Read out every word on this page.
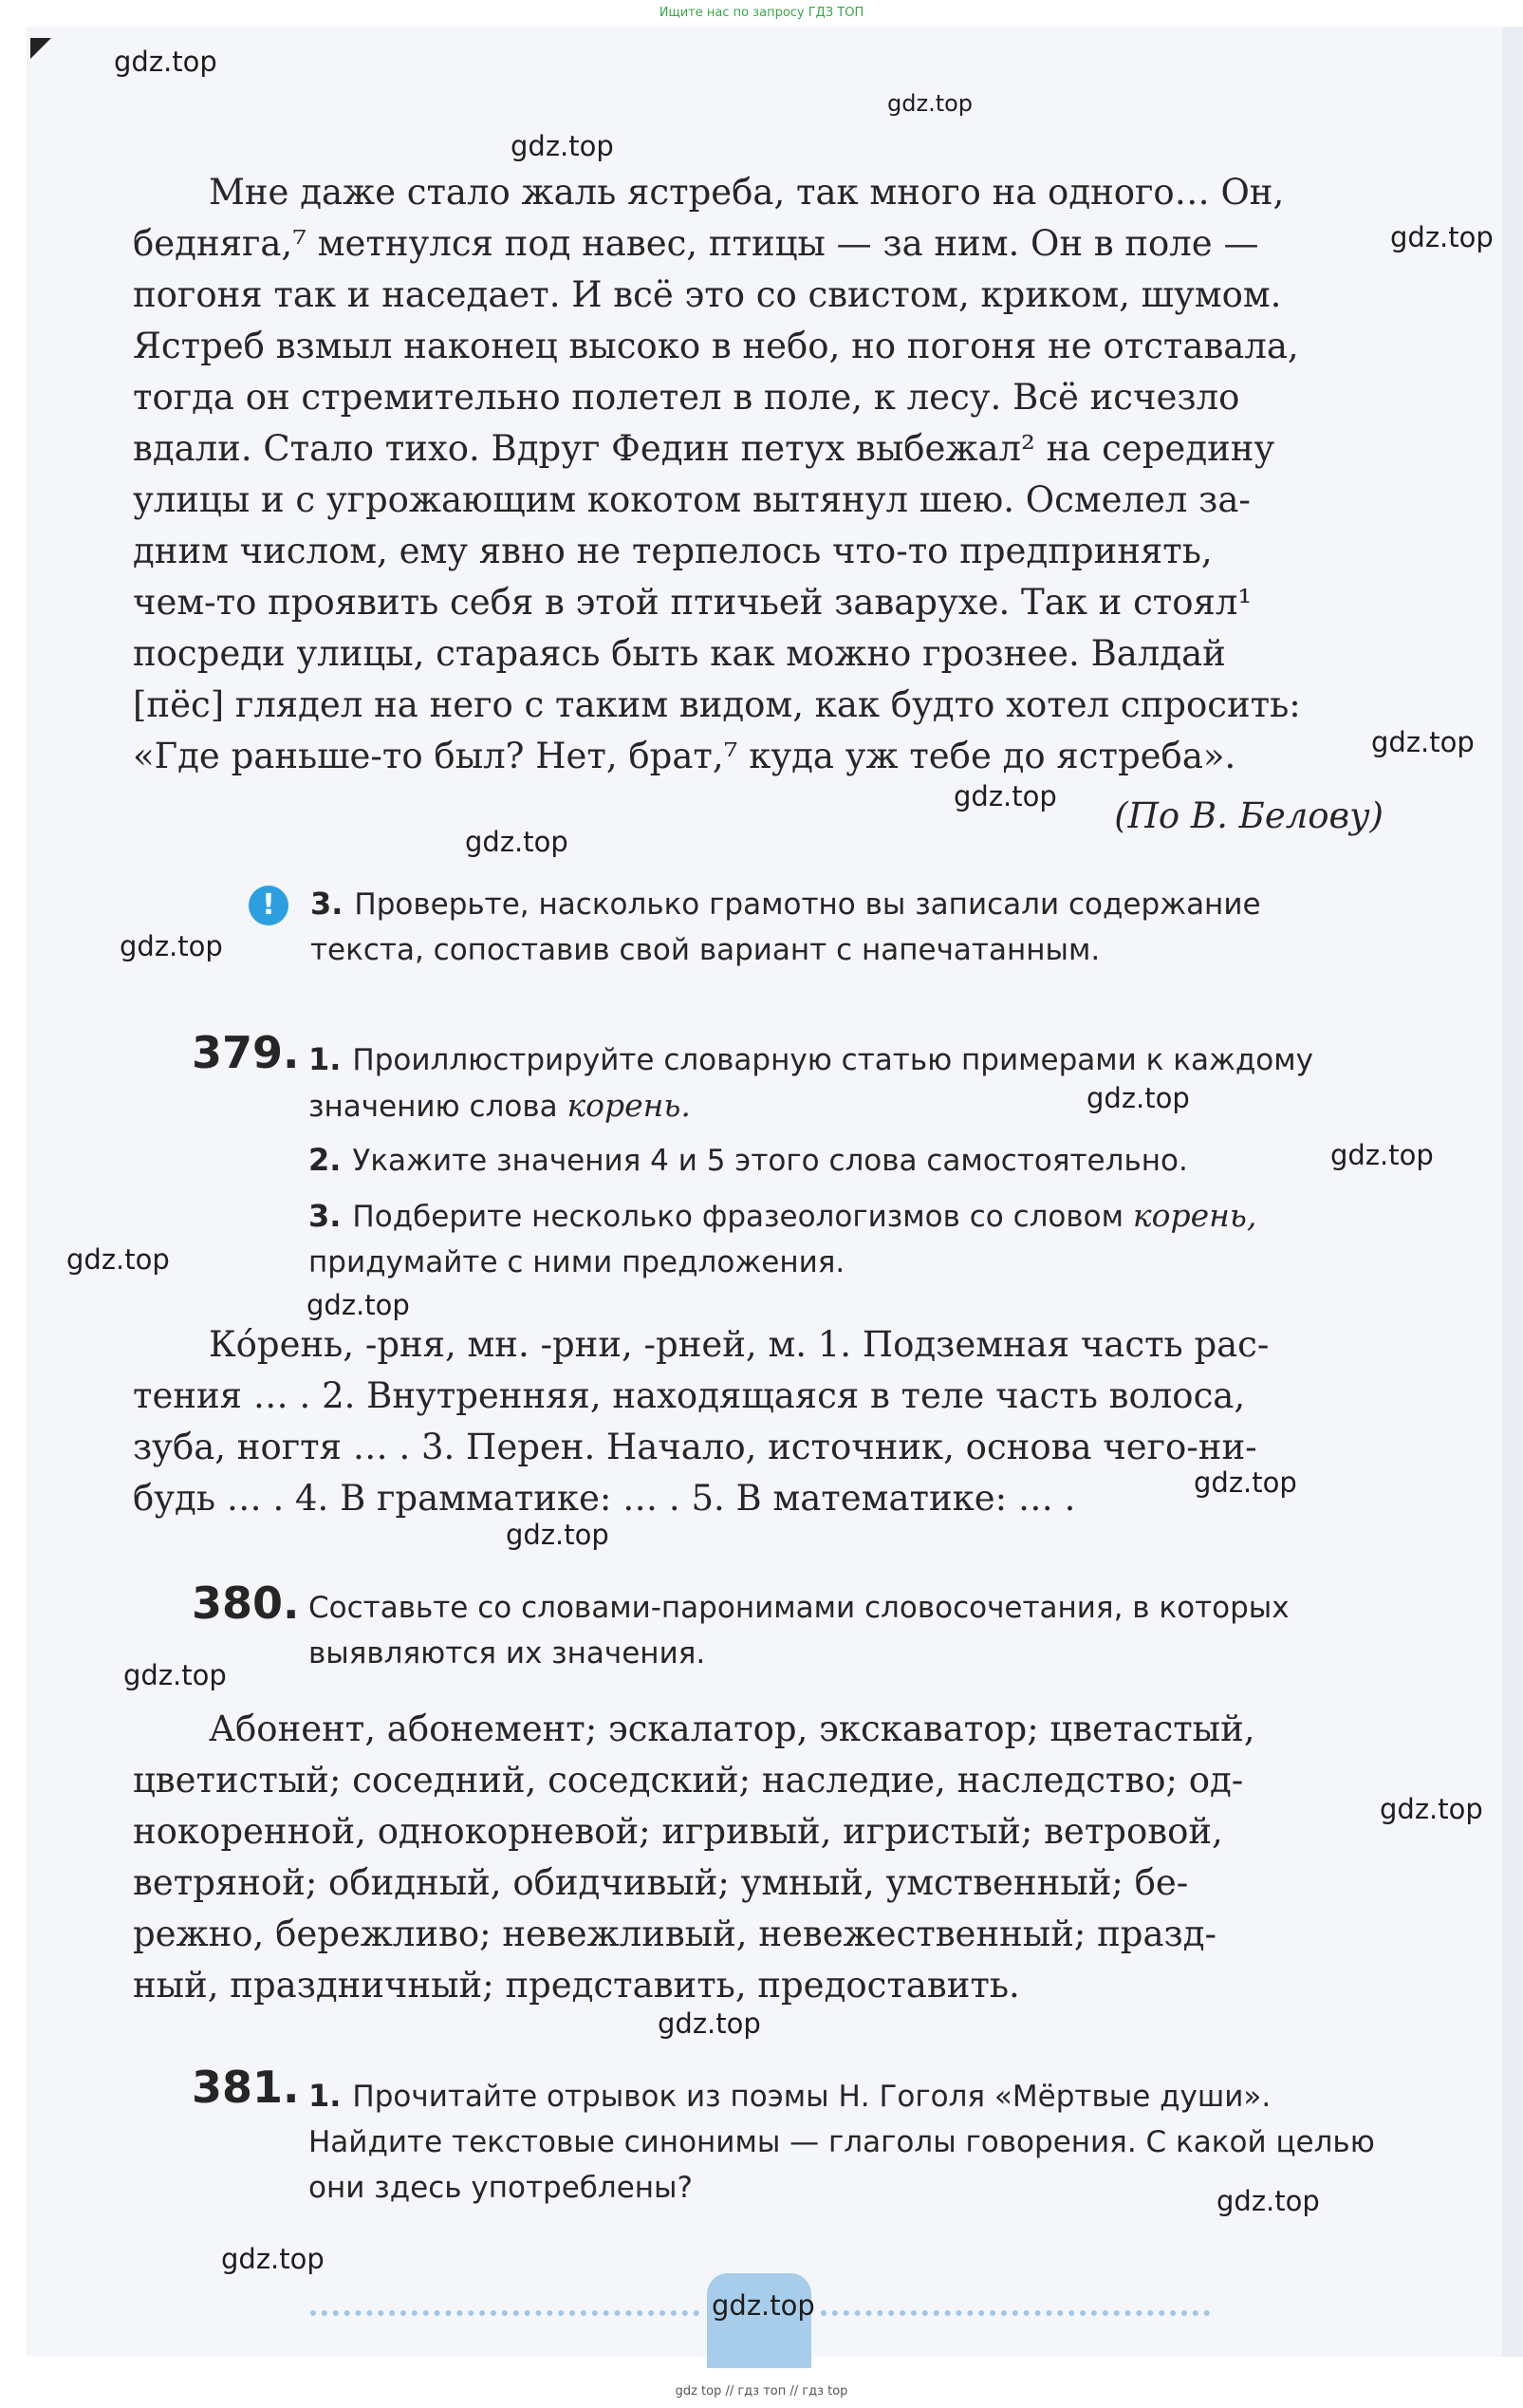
Ищите нас по запросу ГДЗ ТОП

Мне даже стало жаль ястреба, так много на одного… Он,

бедняга,⁷ метнулся под навес, птицы — за ним. Он в поле —

погоня так и наседает. И всё это со свистом, криком, шумом.

Ястреб взмыл наконец высоко в небо, но погоня не отставала,

тогда он стремительно полетел в поле, к лесу. Всё исчезло

вдали. Стало тихо. Вдруг Федин петух выбежал² на середину

улицы и с угрожающим кокотом вытянул шею. Осмелел за-

дним числом, ему явно не терпелось что-то предпринять,

чем-то проявить себя в этой птичьей заварухе. Так и стоял¹

посреди улицы, стараясь быть как можно грознее. Валдай

[пёс] глядел на него с таким видом, как будто хотел спросить:

«Где раньше-то был? Нет, брат,⁷ куда уж тебе до ястреба».

(По В. Белову)
!	3. Проверьте, насколько грамотно вы записали содержание текста, сопоставив свой вариант с напечатанным.
379. 1. Проиллюстрируйте словарную статью примерами к каждому значению слова корень.
2. Укажите значения 4 и 5 этого слова самостоятельно.
3. Подберите несколько фразеологизмов со словом корень, придумайте с ними предложения.

Ко́рень, -рня, мн. -рни, -рней, м. 1. Подземная часть рас-

тения … . 2. Внутренняя, находящаяся в теле часть волоса,

зуба, ногтя … . 3. Перен. Начало, источник, основа чего-ни-

будь … . 4. В грамматике: … . 5. В математике: … .

380. Составьте со словами-паронимами словосочетания, в которых выявляются их значения.

Абонент, абонемент; эскалатор, экскаватор; цветастый,

цветистый; соседний, соседский; наследие, наследство; од-

нокоренной, однокорневой; игривый, игристый; ветровой,

ветряной; обидный, обидчивый; умный, умственный; бе-

режно, бережливо; невежливый, невежественный; празд-

ный, праздничный; представить, предоставить.

381. 1. Прочитайте отрывок из поэмы Н. Гоголя «Мёртвые души». Найдите текстовые синонимы — глаголы говорения. С какой целью они здесь употреблены?
gdz.top
gdz.top
gdz.top
gdz.top
gdz.top
gdz.top
gdz.top
gdz.top
gdz.top
gdz.top
gdz.top
gdz.top
gdz.top
gdz.top
gdz.top
gdz.top
gdz.top
gdz.top
gdz.top
gdz.top
gdz top // гдз топ // гдз top
